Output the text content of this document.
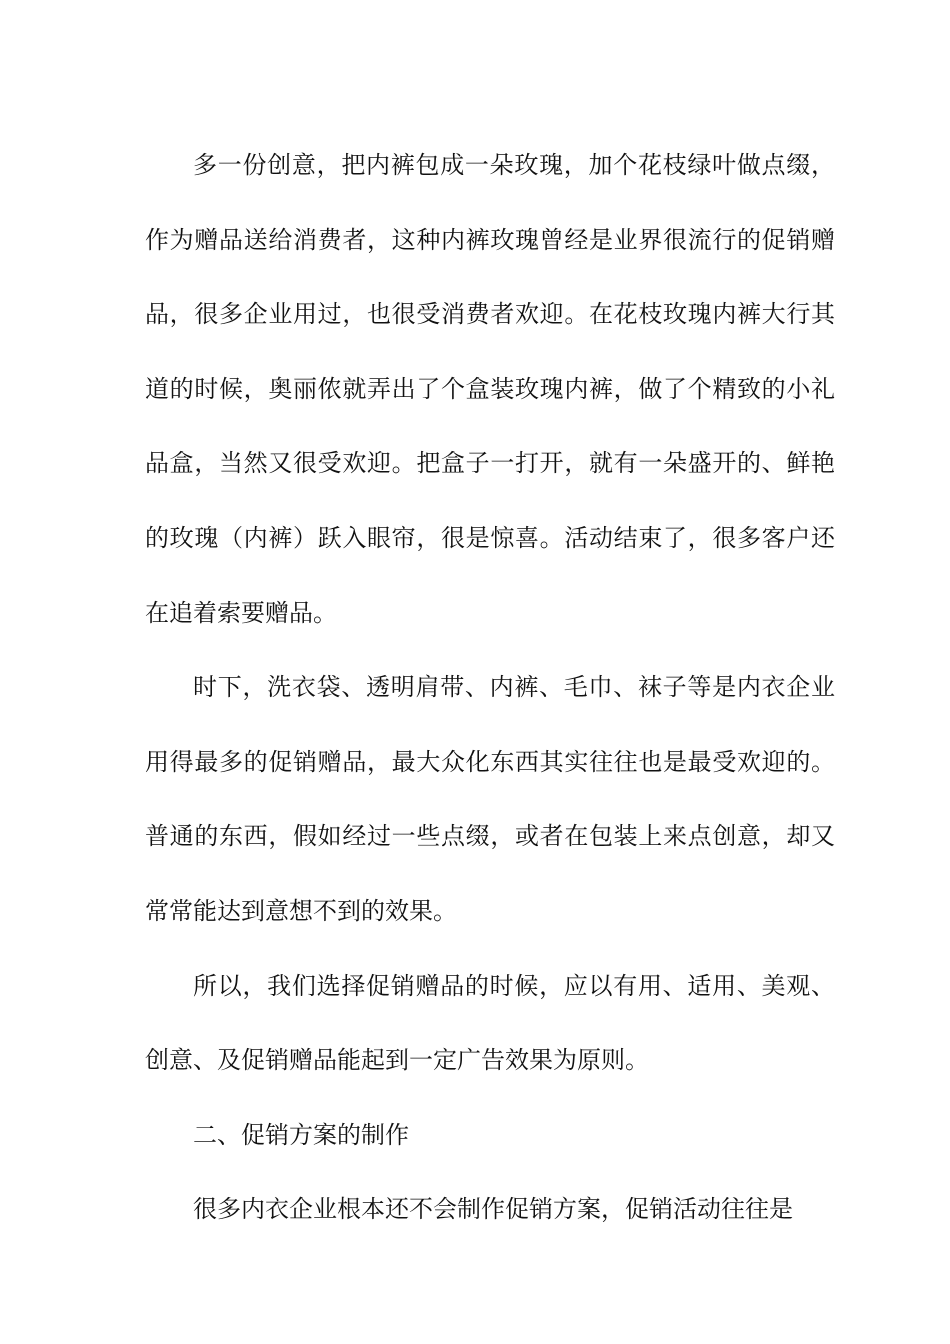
多一份创意，把内裤包成一朵玫瑰，加个花枝绿叶做点缀，作为赠品送给消费者，这种内裤玫瑰曾经是业界很流行的促销赠品，很多企业用过，也很受消费者欢迎。在花枝玫瑰内裤大行其道的时候，奥丽侬就弄出了个盒装玫瑰内裤，做了个精致的小礼品盒，当然又很受欢迎。把盒子一打开，就有一朵盛开的、鲜艳的玫瑰（内裤）跃入眼帘，很是惊喜。活动结束了，很多客户还在追着索要赠品。

时下，洗衣袋、透明肩带、内裤、毛巾、袜子等是内衣企业用得最多的促销赠品，最大众化东西其实往往也是最受欢迎的。普通的东西，假如经过一些点缀，或者在包装上来点创意，却又常常能达到意想不到的效果。

所以，我们选择促销赠品的时候，应以有用、适用、美观、创意、及促销赠品能起到一定广告效果为原则。

二、促销方案的制作

很多内衣企业根本还不会制作促销方案，促销活动往往是
